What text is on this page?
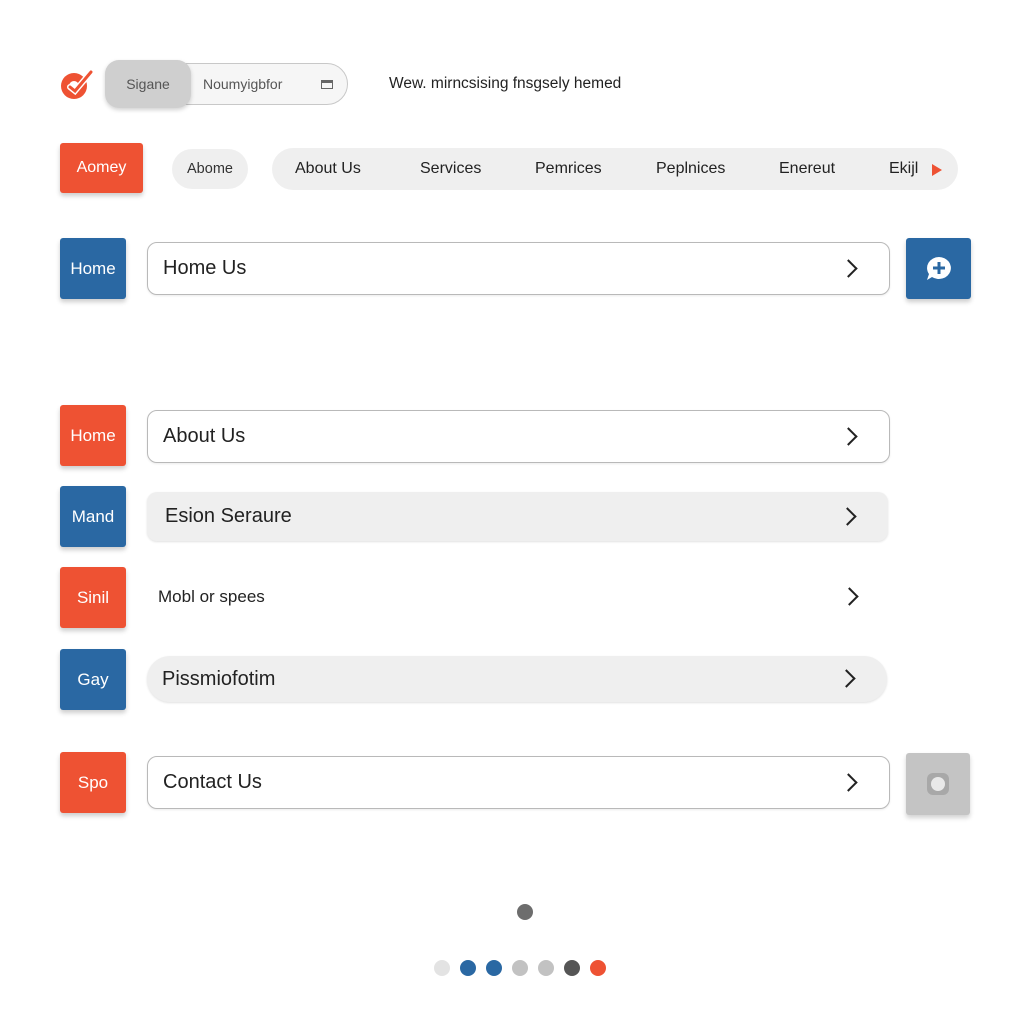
Sigane	Noumyigbfor	Wew. mirncsising fnsgsely hemed
Aomey	Abome	About Us	Services	Pemrices	Peplnices	Enereut	Ekijl
Home	Home Us
Home	About Us
Mand	Esion Seraure
Sinil	Mobl or spees
Gay	Pissmiofotim
Spo	Contact Us
